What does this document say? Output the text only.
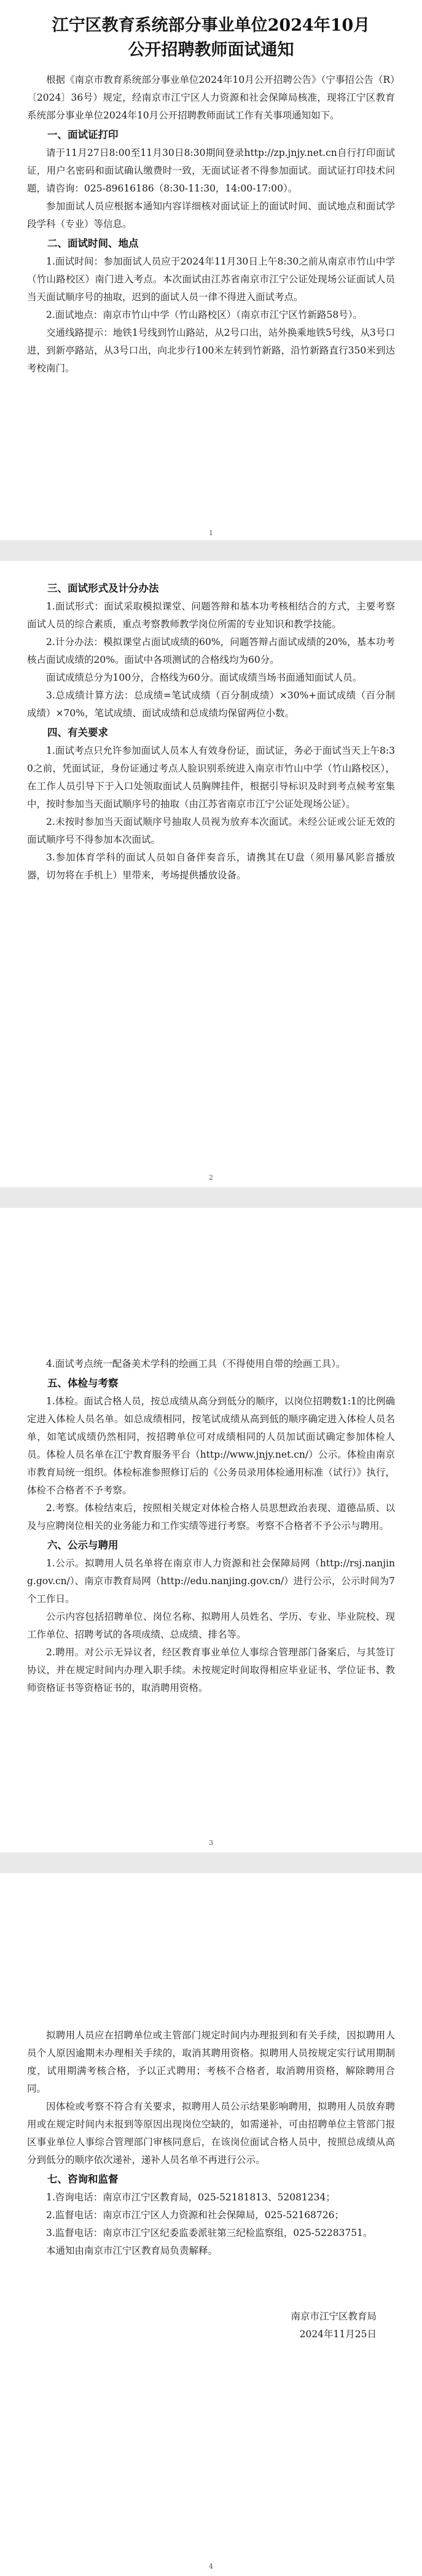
江宁区教育系统部分事业单位2024年10月
公开招聘教师面试通知

根据《南京市教育系统部分事业单位2024年10月公开招聘公告》（宁事招公告（R）〔2024〕36号）规定，经南京市江宁区人力资源和社会保障局核准，现将江宁区教育系统部分事业单位2024年10月公开招聘教师面试工作有关事项通知如下。

一、面试证打印

请于11月27日8:00至11月30日8:30期间登录http://zp.jnjy.net.cn自行打印面试证，用户名密码和面试确认缴费时一致，无面试证者不得参加面试。面试证打印技术问题，请咨询：025-89616186（8:30-11:30，14:00-17:00）。

参加面试人员应根据本通知内容详细核对面试证上的面试时间、面试地点和面试学段学科（专业）等信息。

二、面试时间、地点

1.面试时间：参加面试人员应于2024年11月30日上午8:30之前从南京市竹山中学（竹山路校区）南门进入考点。本次面试由江苏省南京市江宁公证处现场公证面试人员当天面试顺序号的抽取，迟到的面试人员一律不得进入面试考点。

2.面试地点：南京市竹山中学（竹山路校区）（南京市江宁区竹新路58号）。

交通线路提示：地铁1号线到竹山路站，从2号口出，站外换乘地铁5号线，从3号口进，到新亭路站，从3号口出，向北步行100米左转到竹新路，沿竹新路直行350米到达考校南门。

1

三、面试形式及计分办法

1.面试形式：面试采取模拟课堂、问题答辩和基本功考核相结合的方式，主要考察面试人员的综合素质，重点考察教师教学岗位所需的专业知识和教学技能。

2.计分办法：模拟课堂占面试成绩的60%，问题答辩占面试成绩的20%，基本功考核占面试成绩的20%。面试中各项测试的合格线均为60分。

面试成绩总分为100分，合格线为60分。面试成绩当场书面通知面试人员。

3.总成绩计算方法：总成绩=笔试成绩（百分制成绩）×30%+面试成绩（百分制成绩）×70%，笔试成绩、面试成绩和总成绩均保留两位小数。

四、有关要求

1.面试考点只允许参加面试人员本人有效身份证，面试证，务必于面试当天上午8:30之前，凭面试证，身份证通过考点人脸识别系统进入南京市竹山中学（竹山路校区），在工作人员引导下于入口处领取面试人员胸牌挂件，根据引导标识及时到考点候考室集中，按时参加当天面试顺序号的抽取（由江苏省南京市江宁公证处现场公证）。

2.未按时参加当天面试顺序号抽取人员视为放弃本次面试。未经公证或公证无效的面试顺序号不得参加本次面试。

3.参加体育学科的面试人员如自备伴奏音乐，请携其在U盘（须用暴风影音播放器，切勿将在手机上）里带来，考场提供播放设备。

2

4.面试考点统一配备美术学科的绘画工具（不得使用自带的绘画工具）。

五、体检与考察

1.体检。面试合格人员，按总成绩从高分到低分的顺序，以岗位招聘数1:1的比例确定进入体检人员名单。如总成绩相同，按笔试成绩从高到低的顺序确定进入体检人员名单，如笔试成绩仍然相同，按招聘单位可对成绩相同的人员加试面试确定参加体检人员。体检人员名单在江宁教育服务平台（http://www.jnjy.net.cn/）公示。体检由南京市教育局统一组织。体检标准参照修订后的《公务员录用体检通用标准（试行）》执行，体检不合格者不予考察。

2.考察。体检结束后，按照相关规定对体检合格人员思想政治表现、道德品质、以及与应聘岗位相关的业务能力和工作实绩等进行考察。考察不合格者不予公示与聘用。

六、公示与聘用

1.公示。拟聘用人员名单将在南京市人力资源和社会保障局网（http://rsj.nanjing.gov.cn/）、南京市教育局网（http://edu.nanjing.gov.cn/）进行公示，公示时间为7个工作日。

公示内容包括招聘单位、岗位名称、拟聘用人员姓名、学历、专业、毕业院校、现工作单位、招聘考试的各项成绩、总成绩、排名等。

2.聘用。对公示无异议者，经区教育事业单位人事综合管理部门备案后，与其签订协议，并在规定时间内办理入职手续。未按规定时间取得相应毕业证书、学位证书、教师资格证书等资格证书的，取消聘用资格。

3

拟聘用人员应在招聘单位或主管部门规定时间内办理报到和有关手续，因拟聘用人员个人原因逾期未办理相关手续的，取消其聘用资格。拟聘用人员按规定实行试用期制度，试用期满考核合格，予以正式聘用；考核不合格者，取消聘用资格，解除聘用合同。

因体检或考察不符合有关要求，拟聘用人员公示结果影响聘用，拟聘用人员放弃聘用或在规定时间内未报到等原因出现岗位空缺的，如需递补，可由招聘单位主管部门报区事业单位人事综合管理部门审核同意后，在该岗位面试合格人员中，按照总成绩从高分到低分的顺序依次递补，递补人员名单不再进行公示。

七、咨询和监督

1.咨询电话：南京市江宁区教育局，025-52181813、52081234；

2.监督电话：南京市江宁区人力资源和社会保障局，025-52168726；

3.监督电话：南京市江宁区纪委监委派驻第三纪检监察组，025-52283751。

本通知由南京市江宁区教育局负责解释。

南京市江宁区教育局

2024年11月25日

4
